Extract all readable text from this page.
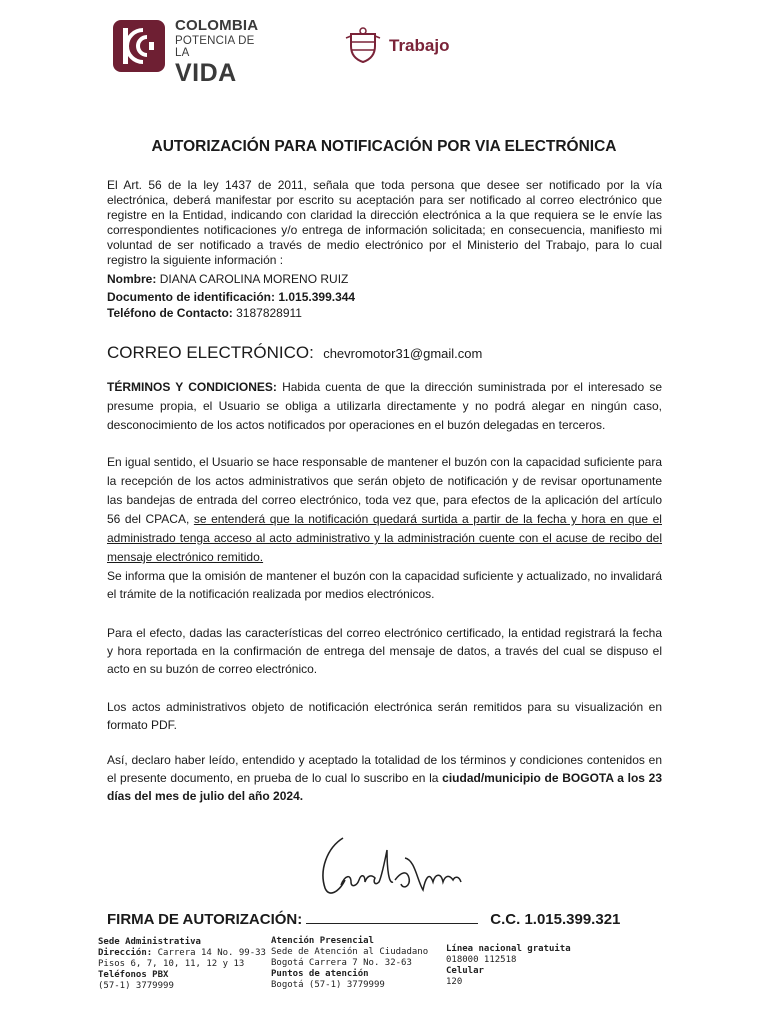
COLOMBIA
POTENCIA DE LA
VIDA
Trabajo
AUTORIZACIÓN PARA NOTIFICACIÓN POR VIA ELECTRÓNICA
El Art. 56 de la ley 1437 de 2011, señala que toda persona que desee ser notificado por la vía electrónica, deberá manifestar por escrito su aceptación para ser notificado al correo electrónico que registre en la Entidad, indicando con claridad la dirección electrónica a la que requiera se le envíe las correspondientes notificaciones y/o entrega de información solicitada; en consecuencia, manifiesto mi voluntad de ser notificado a través de medio electrónico por el Ministerio del Trabajo, para lo cual registro la siguiente información :
Nombre: DIANA CAROLINA MORENO RUIZ
Documento de identificación: 1.015.399.344
Teléfono de Contacto: 3187828911
CORREO ELECTRÓNICO: chevromotor31@gmail.com
TÉRMINOS Y CONDICIONES: Habida cuenta de que la dirección suministrada por el interesado se presume propia, el Usuario se obliga a utilizarla directamente y no podrá alegar en ningún caso, desconocimiento de los actos notificados por operaciones en el buzón delegadas en terceros.
En igual sentido, el Usuario se hace responsable de mantener el buzón con la capacidad suficiente para la recepción de los actos administrativos que serán objeto de notificación y de revisar oportunamente las bandejas de entrada del correo electrónico, toda vez que, para efectos de la aplicación del artículo 56 del CPACA, se entenderá que la notificación quedará surtida a partir de la fecha y hora en que el administrado tenga acceso al acto administrativo y la administración cuente con el acuse de recibo del mensaje electrónico remitido.
Se informa que la omisión de mantener el buzón con la capacidad suficiente y actualizado, no invalidará el trámite de la notificación realizada por medios electrónicos.
Para el efecto, dadas las características del correo electrónico certificado, la entidad registrará la fecha y hora reportada en la confirmación de entrega del mensaje de datos, a través del cual se dispuso el acto en su buzón de correo electrónico.
Los actos administrativos objeto de notificación electrónica serán remitidos para su visualización en formato PDF.
Así, declaro haber leído, entendido y aceptado la totalidad de los términos y condiciones contenidos en el presente documento, en prueba de lo cual lo suscribo en la ciudad/municipio de BOGOTA a los 23 días del mes de julio del año 2024.
FIRMA DE AUTORIZACIÓN:	C.C. 1.015.399.321
Sede Administrativa
Dirección: Carrera 14 No. 99-33
Pisos 6, 7, 10, 11, 12 y 13
Teléfonos PBX
(57-1) 3779999
Atención Presencial
Sede de Atención al Ciudadano
Bogotá Carrera 7 No. 32-63
Puntos de atención
Bogotá (57-1) 3779999
Línea nacional gratuita
018000 112518
Celular
120
